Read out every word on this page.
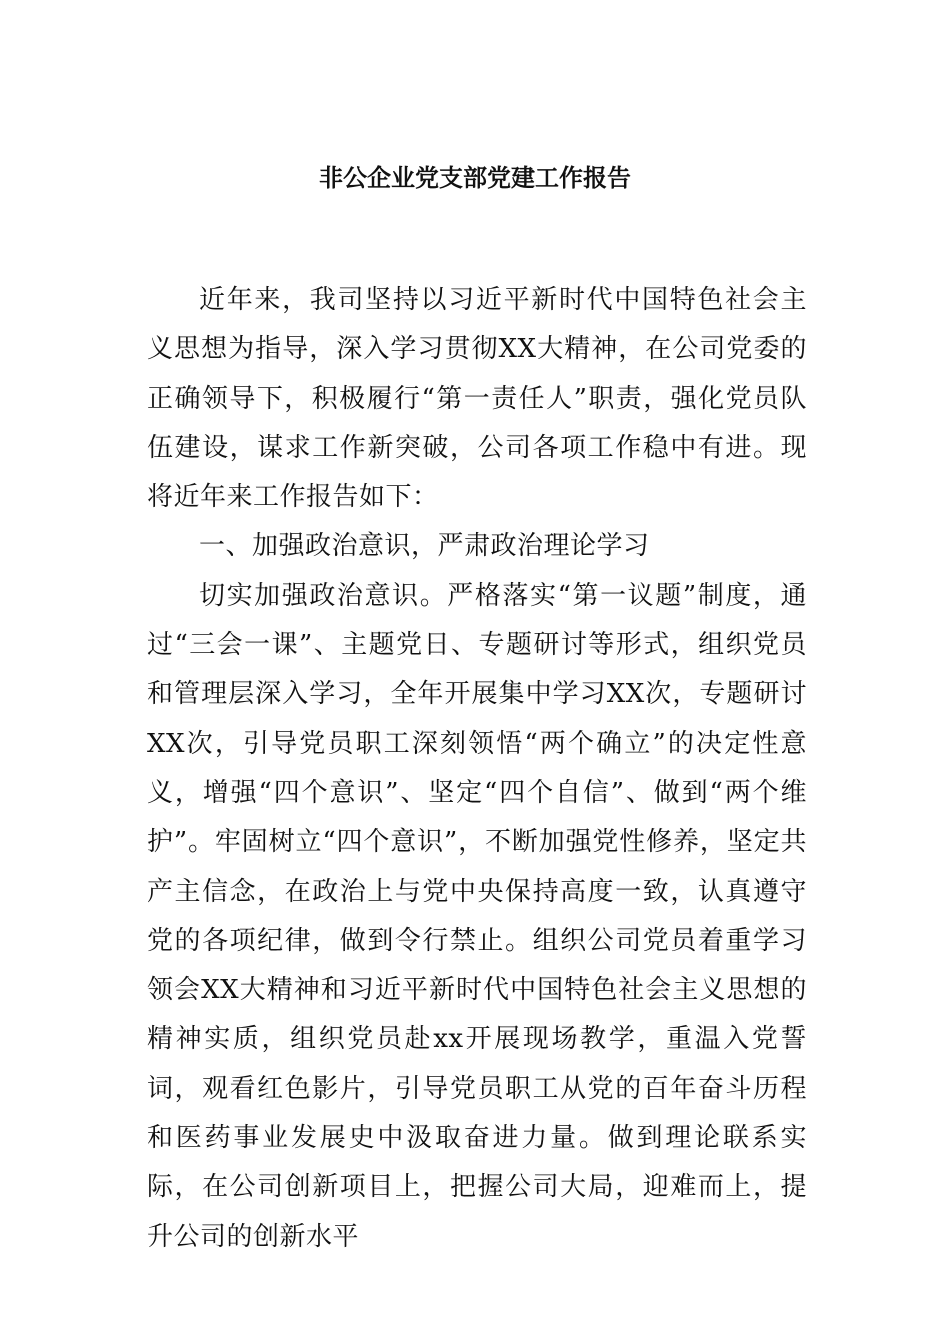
非公企业党支部党建工作报告

近年来，我司坚持以习近平新时代中国特色社会主义思想为指导，深入学习贯彻XX大精神，在公司党委的正确领导下，积极履行“第一责任人”职责，强化党员队伍建设，谋求工作新突破，公司各项工作稳中有进。现将近年来工作报告如下：

一、加强政治意识，严肃政治理论学习

切实加强政治意识。严格落实“第一议题”制度，通过“三会一课”、主题党日、专题研讨等形式，组织党员和管理层深入学习，全年开展集中学习XX次，专题研讨XX次，引导党员职工深刻领悟“两个确立”的决定性意义，增强“四个意识”、坚定“四个自信”、做到“两个维护”。牢固树立“四个意识”，不断加强党性修养，坚定共产主信念，在政治上与党中央保持高度一致，认真遵守党的各项纪律，做到令行禁止。组织公司党员着重学习领会XX大精神和习近平新时代中国特色社会主义思想的精神实质，组织党员赴xx开展现场教学，重温入党誓词，观看红色影片，引导党员职工从党的百年奋斗历程和医药事业发展史中汲取奋进力量。做到理论联系实际，在公司创新项目上，把握公司大局，迎难而上，提升公司的创新水平
